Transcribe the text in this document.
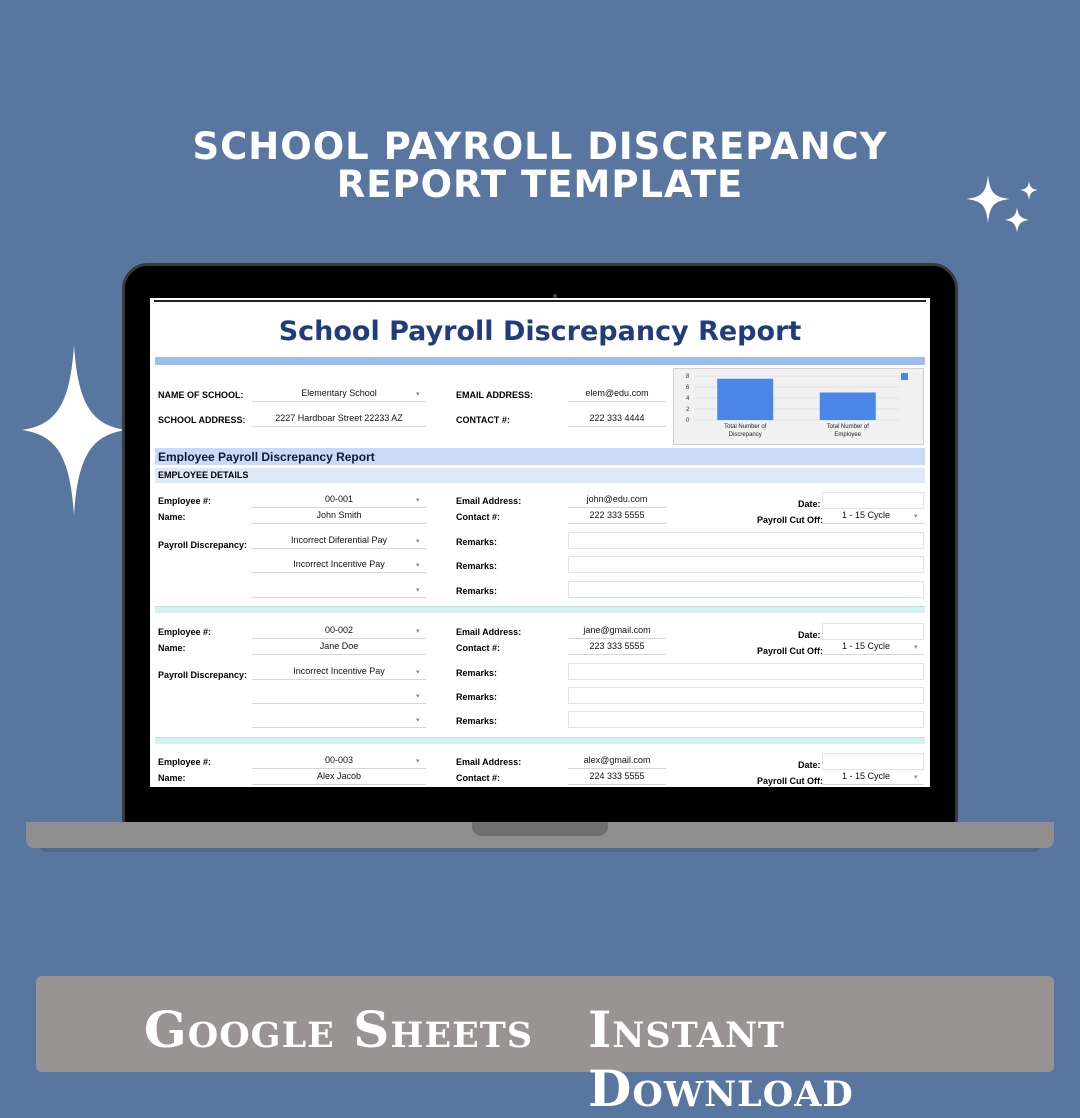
SCHOOL PAYROLL DISCREPANCY
REPORT TEMPLATE
School Payroll Discrepancy Report
NAME OF SCHOOL:	Elementary School	▾
SCHOOL ADDRESS:	2227 Hardboar Street 22233 AZ
EMAIL ADDRESS:	elem@edu.com
CONTACT #:	222 333 4444
8
6
4
2
0
Total Number of
Discrepancy
Total Number of
Employee
Employee Payroll Discrepancy Report
EMPLOYEE DETAILS
Employee #:	00-001	▾
Name:	John Smith
Payroll Discrepancy:	Incorrect Diferential Pay	▾
Incorrect Incentive Pay	▾
▾
Email Address:	john@edu.com
Contact #:	222 333 5555
Remarks:
Remarks:
Remarks:
Date:
Payroll Cut Off:	1 - 15 Cycle	▾
Employee #:	00-002	▾
Name:	Jane Doe
Payroll Discrepancy:	Incorrect Incentive Pay	▾
▾
▾
Email Address:	jane@gmail.com
Contact #:	223 333 5555
Remarks:
Remarks:
Remarks:
Date:
Payroll Cut Off:	1 - 15 Cycle	▾
Employee #:	00-003	▾
Name:	Alex Jacob
Email Address:	alex@gmail.com
Contact #:	224 333 5555
Date:
Payroll Cut Off:	1 - 15 Cycle	▾
Google Sheets Instant Download
